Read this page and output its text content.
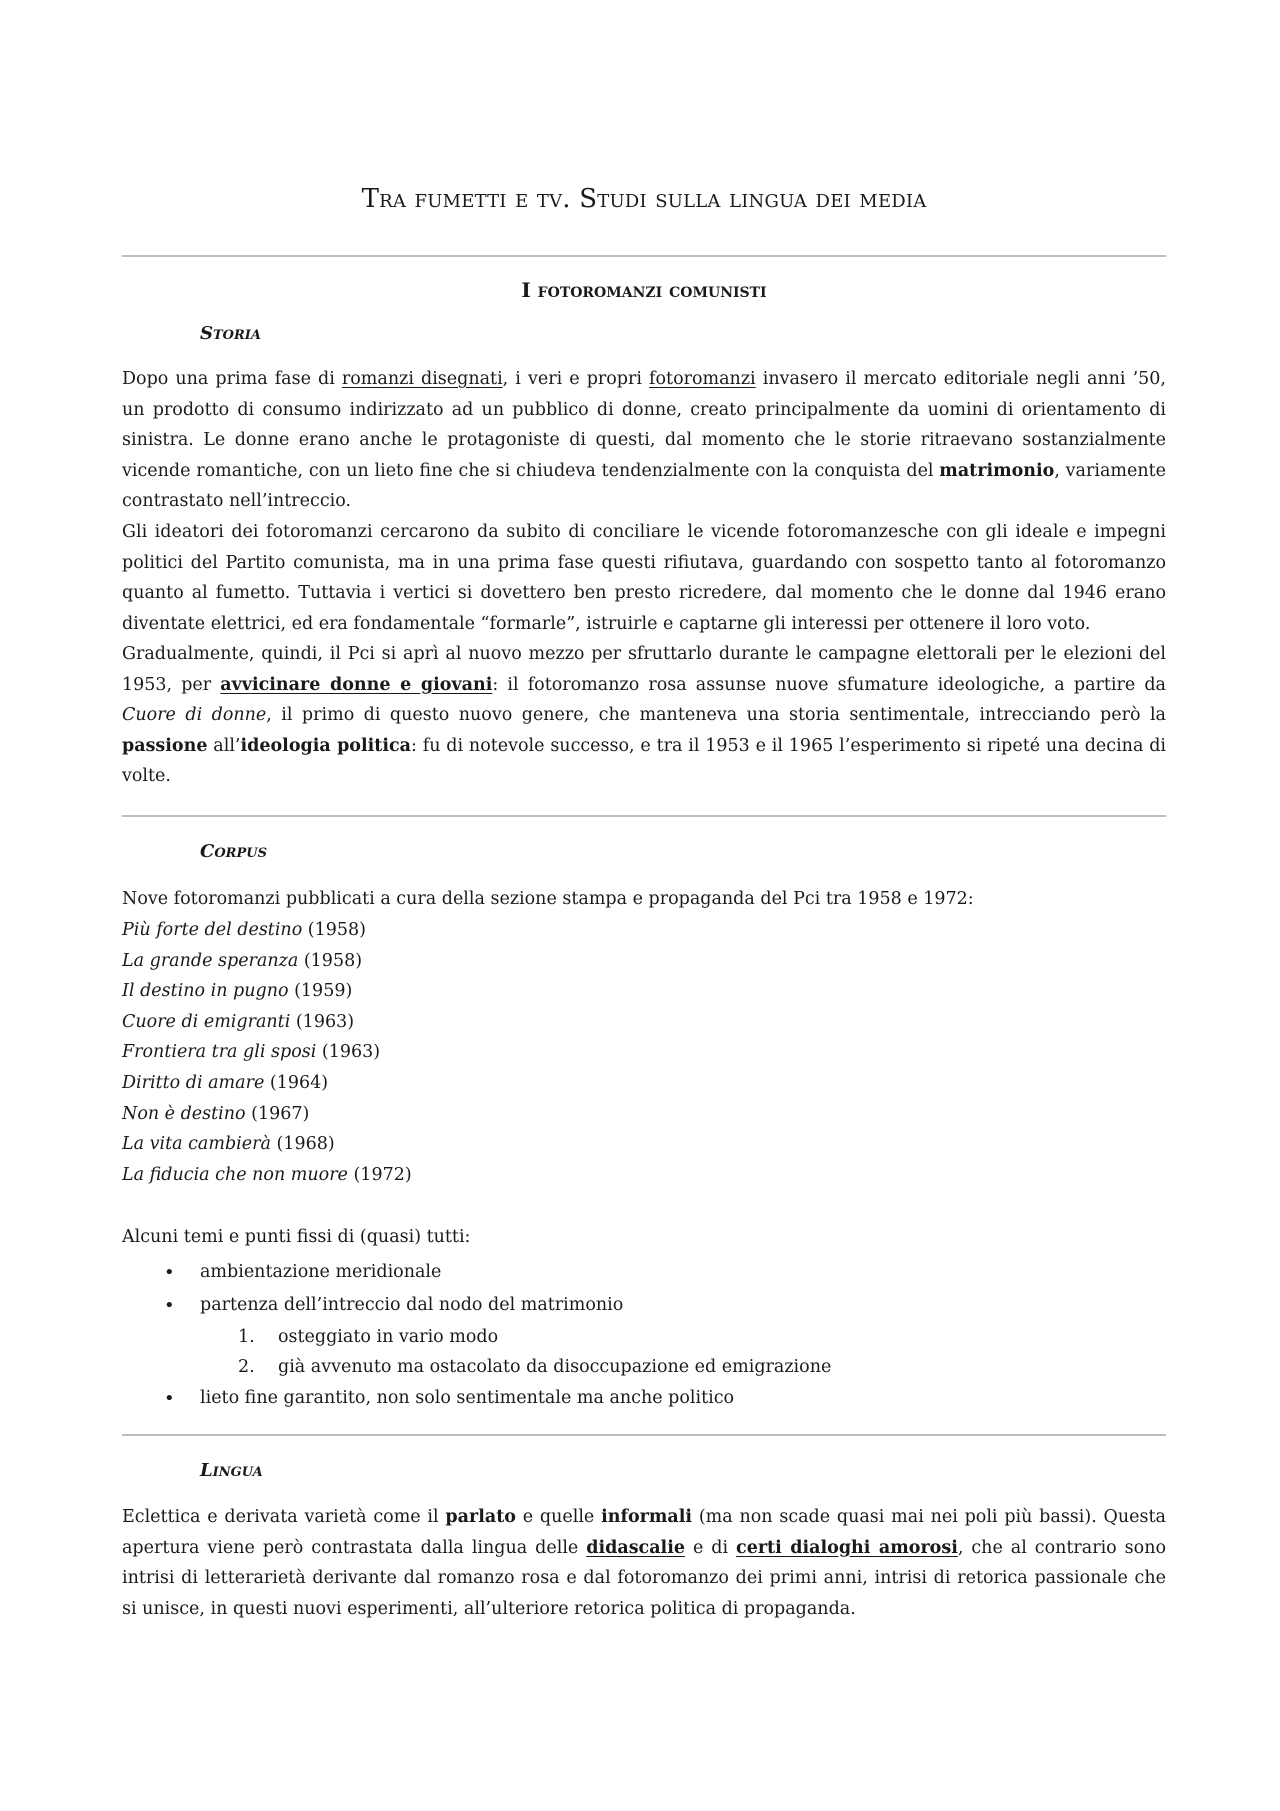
Tra fumetti e tv. Studi sulla lingua dei media
I fotoromanzi comunisti
Storia

Dopo una prima fase di romanzi disegnati, i veri e propri fotoromanzi invasero il mercato editoriale negli anni ’50, un prodotto di consumo indirizzato ad un pubblico di donne, creato principalmente da uomini di orientamento di sinistra. Le donne erano anche le protagoniste di questi, dal momento che le storie ritraevano sostanzialmente vicende romantiche, con un lieto fine che si chiudeva tendenzialmente con la conquista del matrimonio, variamente contrastato nell’intreccio.

Gli ideatori dei fotoromanzi cercarono da subito di conciliare le vicende fotoromanzesche con gli ideale e impegni politici del Partito comunista, ma in una prima fase questi rifiutava, guardando con sospetto tanto al fotoromanzo quanto al fumetto. Tuttavia i vertici si dovettero ben presto ricredere, dal momento che le donne dal 1946 erano diventate elettrici, ed era fondamentale “formarle”, istruirle e captarne gli interessi per ottenere il loro voto.

Gradualmente, quindi, il Pci si aprì al nuovo mezzo per sfruttarlo durante le campagne elettorali per le elezioni del 1953, per avvicinare donne e giovani: il fotoromanzo rosa assunse nuove sfumature ideologiche, a partire da Cuore di donne, il primo di questo nuovo genere, che manteneva una storia sentimentale, intrecciando però la passione all’ideologia politica: fu di notevole successo, e tra il 1953 e il 1965 l’esperimento si ripeté una decina di volte.

Corpus

Nove fotoromanzi pubblicati a cura della sezione stampa e propaganda del Pci tra 1958 e 1972:

Più forte del destino (1958)
La grande speranza (1958)
Il destino in pugno (1959)
Cuore di emigranti (1963)
Frontiera tra gli sposi (1963)
Diritto di amare (1964)
Non è destino (1967)
La vita cambierà (1968)
La fiducia che non muore (1972)

Alcuni temi e punti fissi di (quasi) tutti:

• ambientazione meridionale
• partenza dell’intreccio dal nodo del matrimonio
1. osteggiato in vario modo
2. già avvenuto ma ostacolato da disoccupazione ed emigrazione
• lieto fine garantito, non solo sentimentale ma anche politico
Lingua

Eclettica e derivata varietà come il parlato e quelle informali (ma non scade quasi mai nei poli più bassi). Questa apertura viene però contrastata dalla lingua delle didascalie e di certi dialoghi amorosi, che al contrario sono intrisi di letterarietà derivante dal romanzo rosa e dal fotoromanzo dei primi anni, intrisi di retorica passionale che si unisce, in questi nuovi esperimenti, all’ulteriore retorica politica di propaganda.
